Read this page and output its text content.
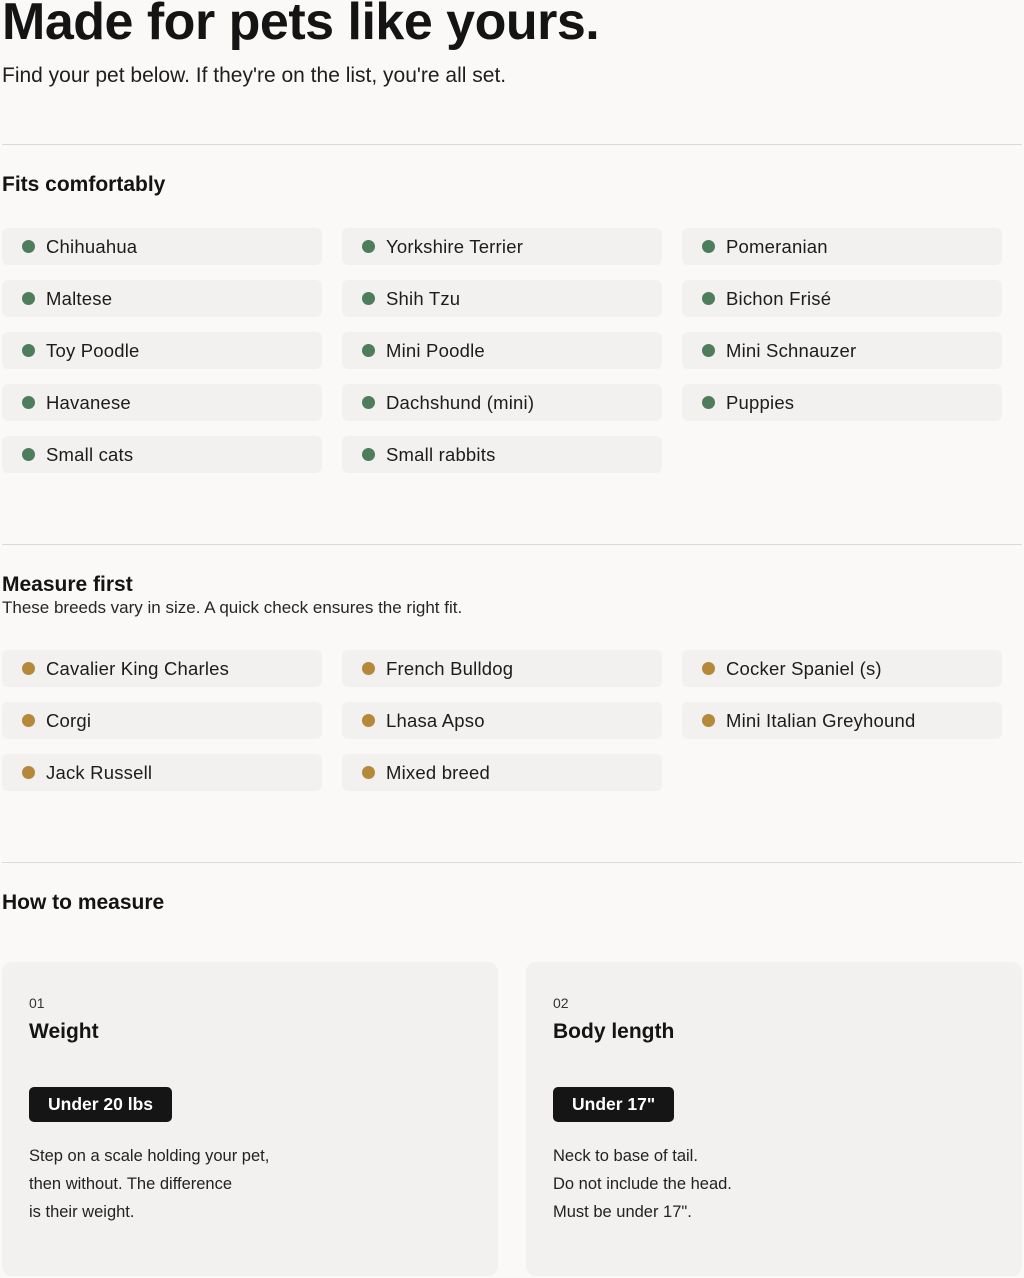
Made for pets like yours.

Find your pet below. If they're on the list, you're all set.

Fits comfortably
Chihuahua	Yorkshire Terrier	Pomeranian
Maltese	Shih Tzu	Bichon Frisé
Toy Poodle	Mini Poodle	Mini Schnauzer
Havanese	Dachshund (mini)	Puppies
Small cats	Small rabbits
Measure first

These breeds vary in size. A quick check ensures the right fit.

Cavalier King Charles	French Bulldog	Cocker Spaniel (s)
Corgi	Lhasa Apso	Mini Italian Greyhound
Jack Russell	Mixed breed
How to measure
01
Weight
Under 20 lbs
Step on a scale holding your pet,
then without. The difference
is their weight.
02
Body length
Under 17"
Neck to base of tail.
Do not include the head.
Must be under 17".
